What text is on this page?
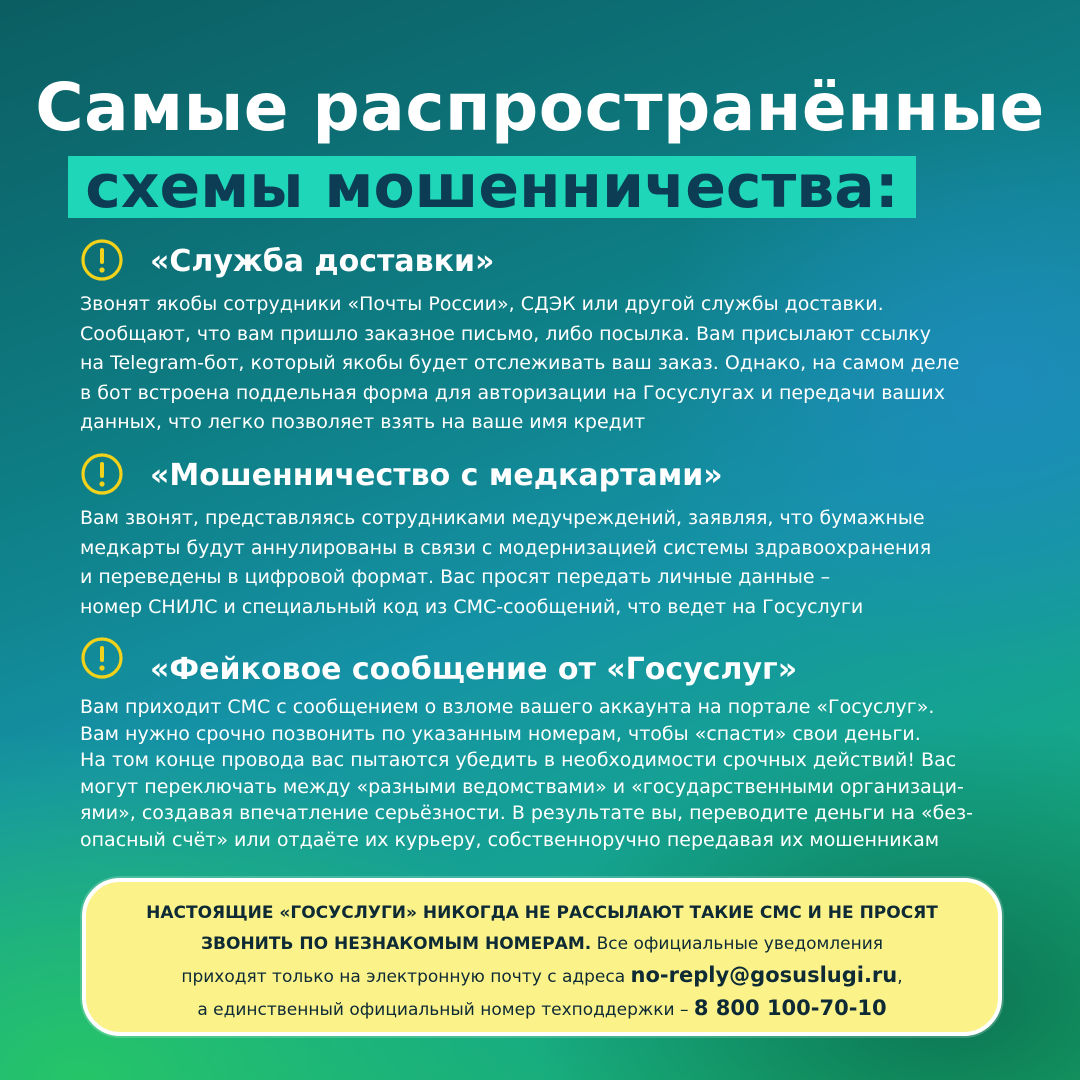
Самые распространённые
схемы мошенничества:
«Служба доставки»
Звонят якобы сотрудники «Почты России», СДЭК или другой службы доставки.
Сообщают, что вам пришло заказное письмо, либо посылка. Вам присылают ссылку
на Telegram-бот, который якобы будет отслеживать ваш заказ. Однако, на самом деле
в бот встроена поддельная форма для авторизации на Госуслугах и передачи ваших
данных, что легко позволяет взять на ваше имя кредит
«Мошенничество с медкартами»
Вам звонят, представляясь сотрудниками медучреждений, заявляя, что бумажные
медкарты будут аннулированы в связи с модернизацией системы здравоохранения
и переведены в цифровой формат. Вас просят передать личные данные –
номер СНИЛС и специальный код из СМС-сообщений, что ведет на Госуслуги
«Фейковое сообщение от «Госуслуг»
Вам приходит СМС с сообщением о взломе вашего аккаунта на портале «Госуслуг».
Вам нужно срочно позвонить по указанным номерам, чтобы «спасти» свои деньги.
На том конце провода вас пытаются убедить в необходимости срочных действий! Вас
могут переключать между «разными ведомствами» и «государственными организаци-
ями», создавая впечатление серьёзности. В результате вы, переводите деньги на «без-
опасный счёт» или отдаёте их курьеру, собственноручно передавая их мошенникам
НАСТОЯЩИЕ «ГОСУСЛУГИ» НИКОГДА НЕ РАССЫЛАЮТ ТАКИЕ СМС И НЕ ПРОСЯТ
ЗВОНИТЬ ПО НЕЗНАКОМЫМ НОМЕРАМ. Все официальные уведомления
приходят только на электронную почту с адреса no-reply@gosuslugi.ru,
а единственный официальный номер техподдержки – 8 800 100-70-10
